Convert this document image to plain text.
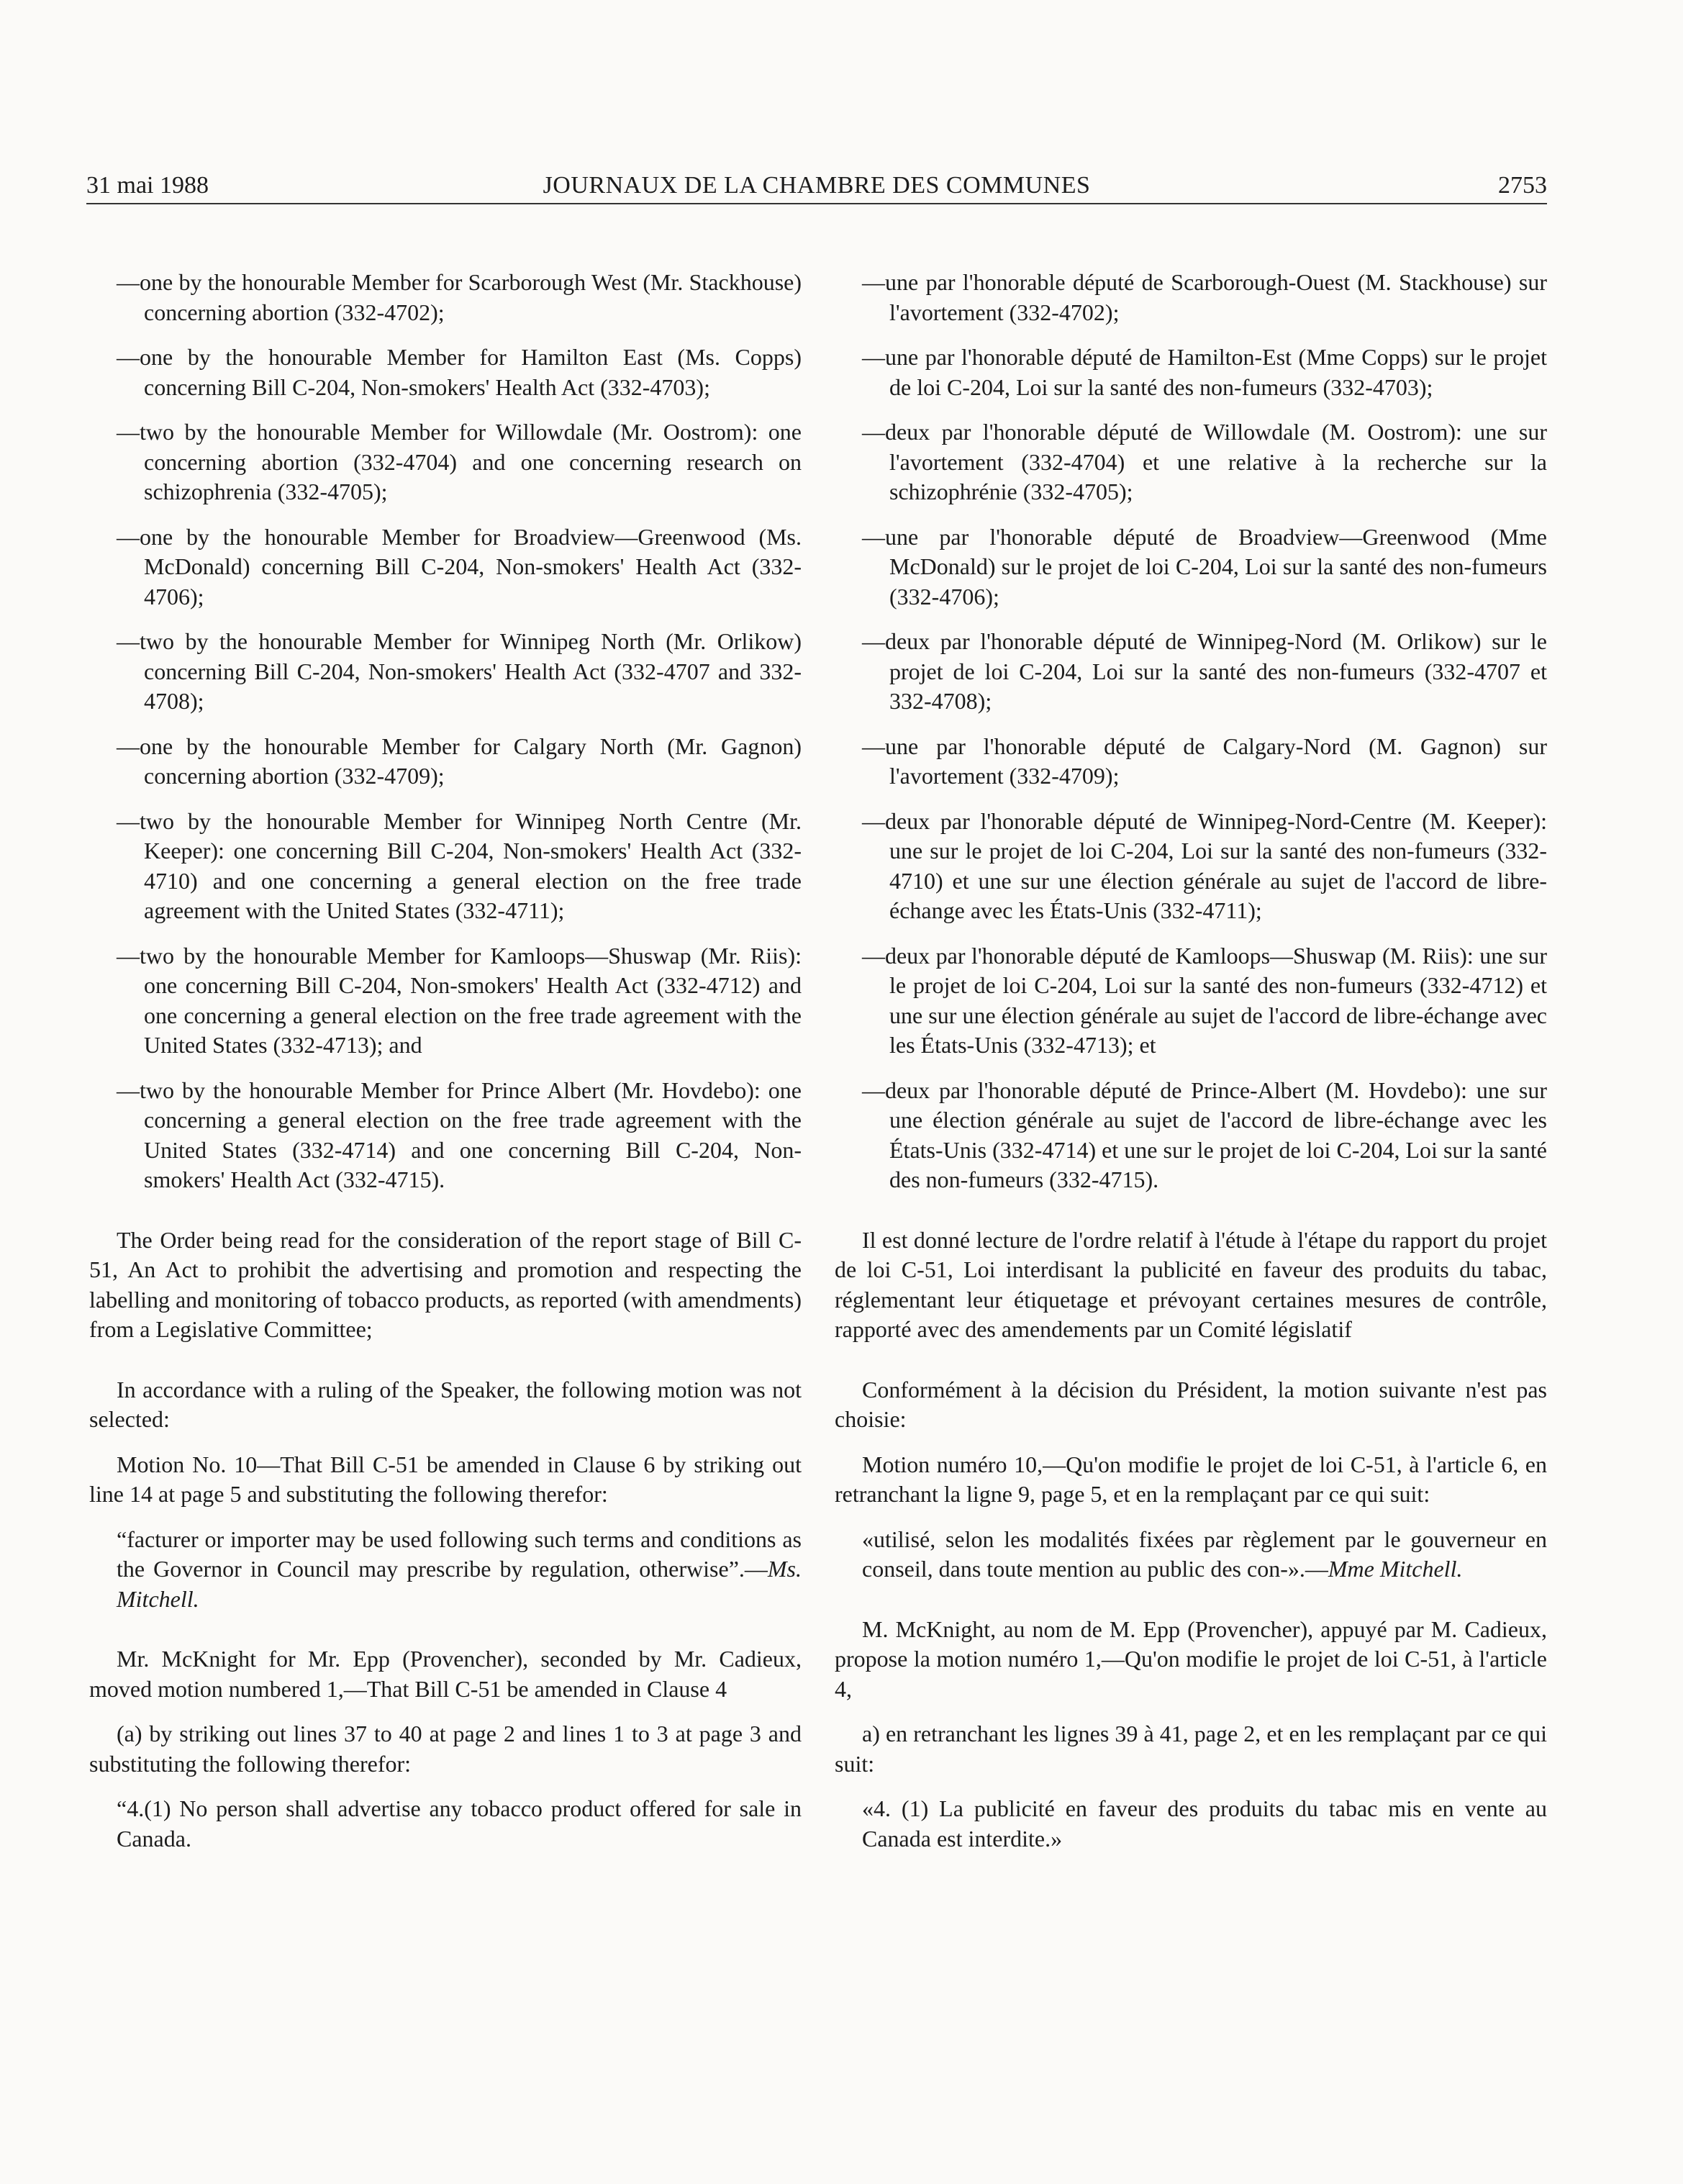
31 mai 1988	JOURNAUX DE LA CHAMBRE DES COMMUNES	2753

—one by the honourable Member for Scarborough West (Mr. Stackhouse) concerning abortion (332-4702);

—one by the honourable Member for Hamilton East (Ms. Copps) concerning Bill C-204, Non-smokers' Health Act (332-4703);

—two by the honourable Member for Willowdale (Mr. Oostrom): one concerning abortion (332-4704) and one concerning research on schizophrenia (332-4705);

—one by the honourable Member for Broadview—Greenwood (Ms. McDonald) concerning Bill C-204, Non-smokers' Health Act (332-4706);

—two by the honourable Member for Winnipeg North (Mr. Orlikow) concerning Bill C-204, Non-smokers' Health Act (332-4707 and 332-4708);

—one by the honourable Member for Calgary North (Mr. Gagnon) concerning abortion (332-4709);

—two by the honourable Member for Winnipeg North Centre (Mr. Keeper): one concerning Bill C-204, Non-smokers' Health Act (332-4710) and one concerning a general election on the free trade agreement with the United States (332-4711);

—two by the honourable Member for Kamloops—Shuswap (Mr. Riis): one concerning Bill C-204, Non-smokers' Health Act (332-4712) and one concerning a general election on the free trade agreement with the United States (332-4713); and

—two by the honourable Member for Prince Albert (Mr. Hovdebo): one concerning a general election on the free trade agreement with the United States (332-4714) and one concerning Bill C-204, Non-smokers' Health Act (332-4715).

The Order being read for the consideration of the report stage of Bill C-51, An Act to prohibit the advertising and promotion and respecting the labelling and monitoring of tobacco products, as reported (with amendments) from a Legislative Committee;

In accordance with a ruling of the Speaker, the following motion was not selected:

Motion No. 10—That Bill C-51 be amended in Clause 6 by striking out line 14 at page 5 and substituting the following therefor:

“facturer or importer may be used following such terms and conditions as the Governor in Council may prescribe by regulation, otherwise”.—Ms. Mitchell.

Mr. McKnight for Mr. Epp (Provencher), seconded by Mr. Cadieux, moved motion numbered 1,—That Bill C-51 be amended in Clause 4

(a) by striking out lines 37 to 40 at page 2 and lines 1 to 3 at page 3 and substituting the following therefor:

“4.(1) No person shall advertise any tobacco product offered for sale in Canada.

—une par l'honorable député de Scarborough-Ouest (M. Stackhouse) sur l'avortement (332-4702);

—une par l'honorable député de Hamilton-Est (Mme Copps) sur le projet de loi C-204, Loi sur la santé des non-fumeurs (332-4703);

—deux par l'honorable député de Willowdale (M. Oostrom): une sur l'avortement (332-4704) et une relative à la recherche sur la schizophrénie (332-4705);

—une par l'honorable député de Broadview—Greenwood (Mme McDonald) sur le projet de loi C-204, Loi sur la santé des non-fumeurs (332-4706);

—deux par l'honorable député de Winnipeg-Nord (M. Orlikow) sur le projet de loi C-204, Loi sur la santé des non-fumeurs (332-4707 et 332-4708);

—une par l'honorable député de Calgary-Nord (M. Gagnon) sur l'avortement (332-4709);

—deux par l'honorable député de Winnipeg-Nord-Centre (M. Keeper): une sur le projet de loi C-204, Loi sur la santé des non-fumeurs (332-4710) et une sur une élection générale au sujet de l'accord de libre-échange avec les États-Unis (332-4711);

—deux par l'honorable député de Kamloops—Shuswap (M. Riis): une sur le projet de loi C-204, Loi sur la santé des non-fumeurs (332-4712) et une sur une élection générale au sujet de l'accord de libre-échange avec les États-Unis (332-4713); et

—deux par l'honorable député de Prince-Albert (M. Hovdebo): une sur une élection générale au sujet de l'accord de libre-échange avec les États-Unis (332-4714) et une sur le projet de loi C-204, Loi sur la santé des non-fumeurs (332-4715).

Il est donné lecture de l'ordre relatif à l'étude à l'étape du rapport du projet de loi C-51, Loi interdisant la publicité en faveur des produits du tabac, réglementant leur étiquetage et prévoyant certaines mesures de contrôle, rapporté avec des amendements par un Comité législatif

Conformément à la décision du Président, la motion suivante n'est pas choisie:

Motion numéro 10,—Qu'on modifie le projet de loi C-51, à l'article 6, en retranchant la ligne 9, page 5, et en la remplaçant par ce qui suit:

«utilisé, selon les modalités fixées par règlement par le gouverneur en conseil, dans toute mention au public des con-».—Mme Mitchell.

M. McKnight, au nom de M. Epp (Provencher), appuyé par M. Cadieux, propose la motion numéro 1,—Qu'on modifie le projet de loi C-51, à l'article 4,

a) en retranchant les lignes 39 à 41, page 2, et en les remplaçant par ce qui suit:

«4. (1) La publicité en faveur des produits du tabac mis en vente au Canada est interdite.»
